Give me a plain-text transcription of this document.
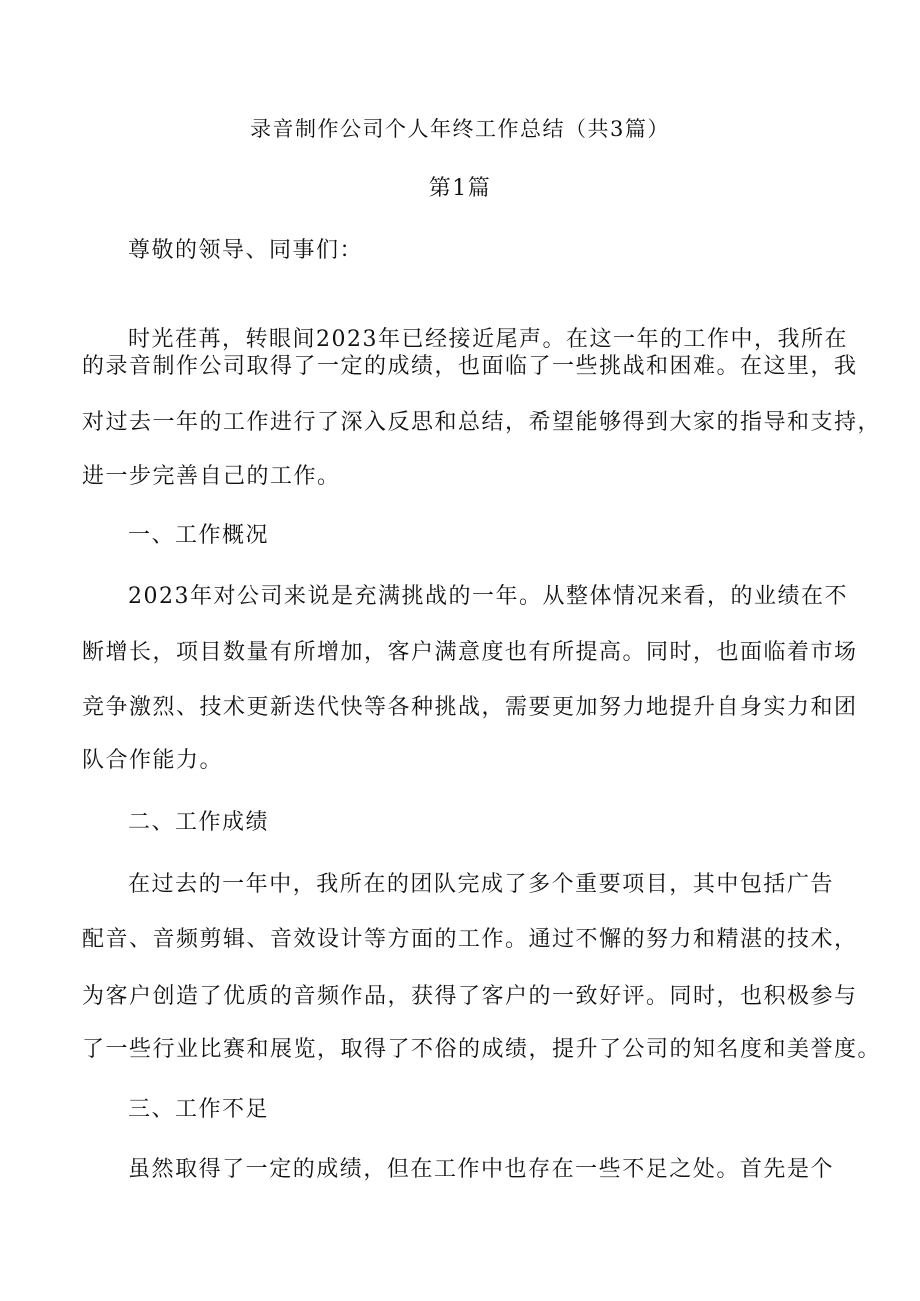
录音制作公司个人年终工作总结（共3篇）

第1篇

尊敬的领导、同事们：

时光荏苒，转眼间2023年已经接近尾声。在这一年的工作中，我所在

的录音制作公司取得了一定的成绩，也面临了一些挑战和困难。在这里，我

对过去一年的工作进行了深入反思和总结，希望能够得到大家的指导和支持，

进一步完善自己的工作。

一、工作概况

2023年对公司来说是充满挑战的一年。从整体情况来看，的业绩在不

断增长，项目数量有所增加，客户满意度也有所提高。同时，也面临着市场

竞争激烈、技术更新迭代快等各种挑战，需要更加努力地提升自身实力和团

队合作能力。

二、工作成绩

在过去的一年中，我所在的团队完成了多个重要项目，其中包括广告

配音、音频剪辑、音效设计等方面的工作。通过不懈的努力和精湛的技术，

为客户创造了优质的音频作品，获得了客户的一致好评。同时，也积极参与

了一些行业比赛和展览，取得了不俗的成绩，提升了公司的知名度和美誉度。

三、工作不足

虽然取得了一定的成绩，但在工作中也存在一些不足之处。首先是个
